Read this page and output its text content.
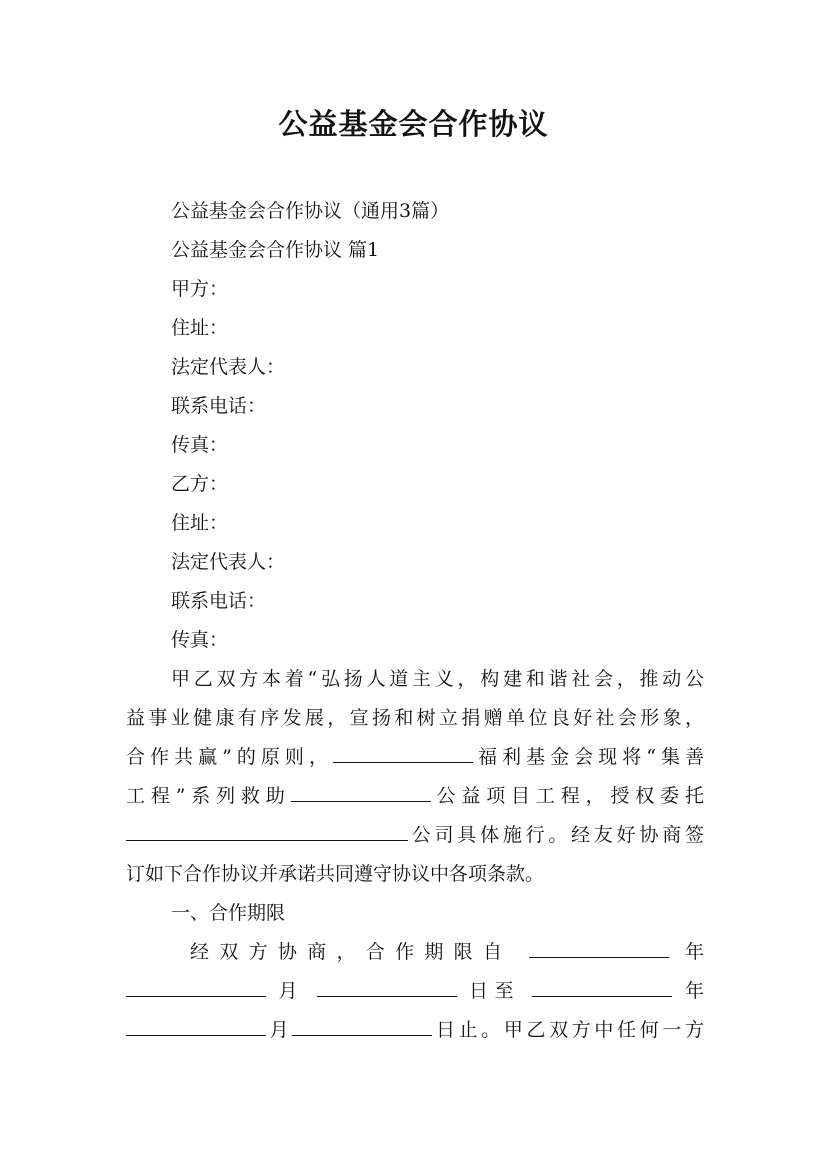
公益基金会合作协议
公益基金会合作协议（通用3篇）
公益基金会合作协议 篇1
甲方：
住址：
法定代表人：
联系电话：
传真：
乙方：
住址：
法定代表人：
联系电话：
传真：
甲乙双方本着“弘扬人道主义，构建和谐社会，推动公
益事业健康有序发展，宣扬和树立捐赠单位良好社会形象，
合作共赢”的原则，	福利基金会现将“集善
工程”系列救助	公益项目工程，授权委托
公司具体施行。经友好协商签
订如下合作协议并承诺共同遵守协议中各项条款。
一、合作期限
经双方协商，合作期限自	年
月	日至	年
月	日止。甲乙双方中任何一方
